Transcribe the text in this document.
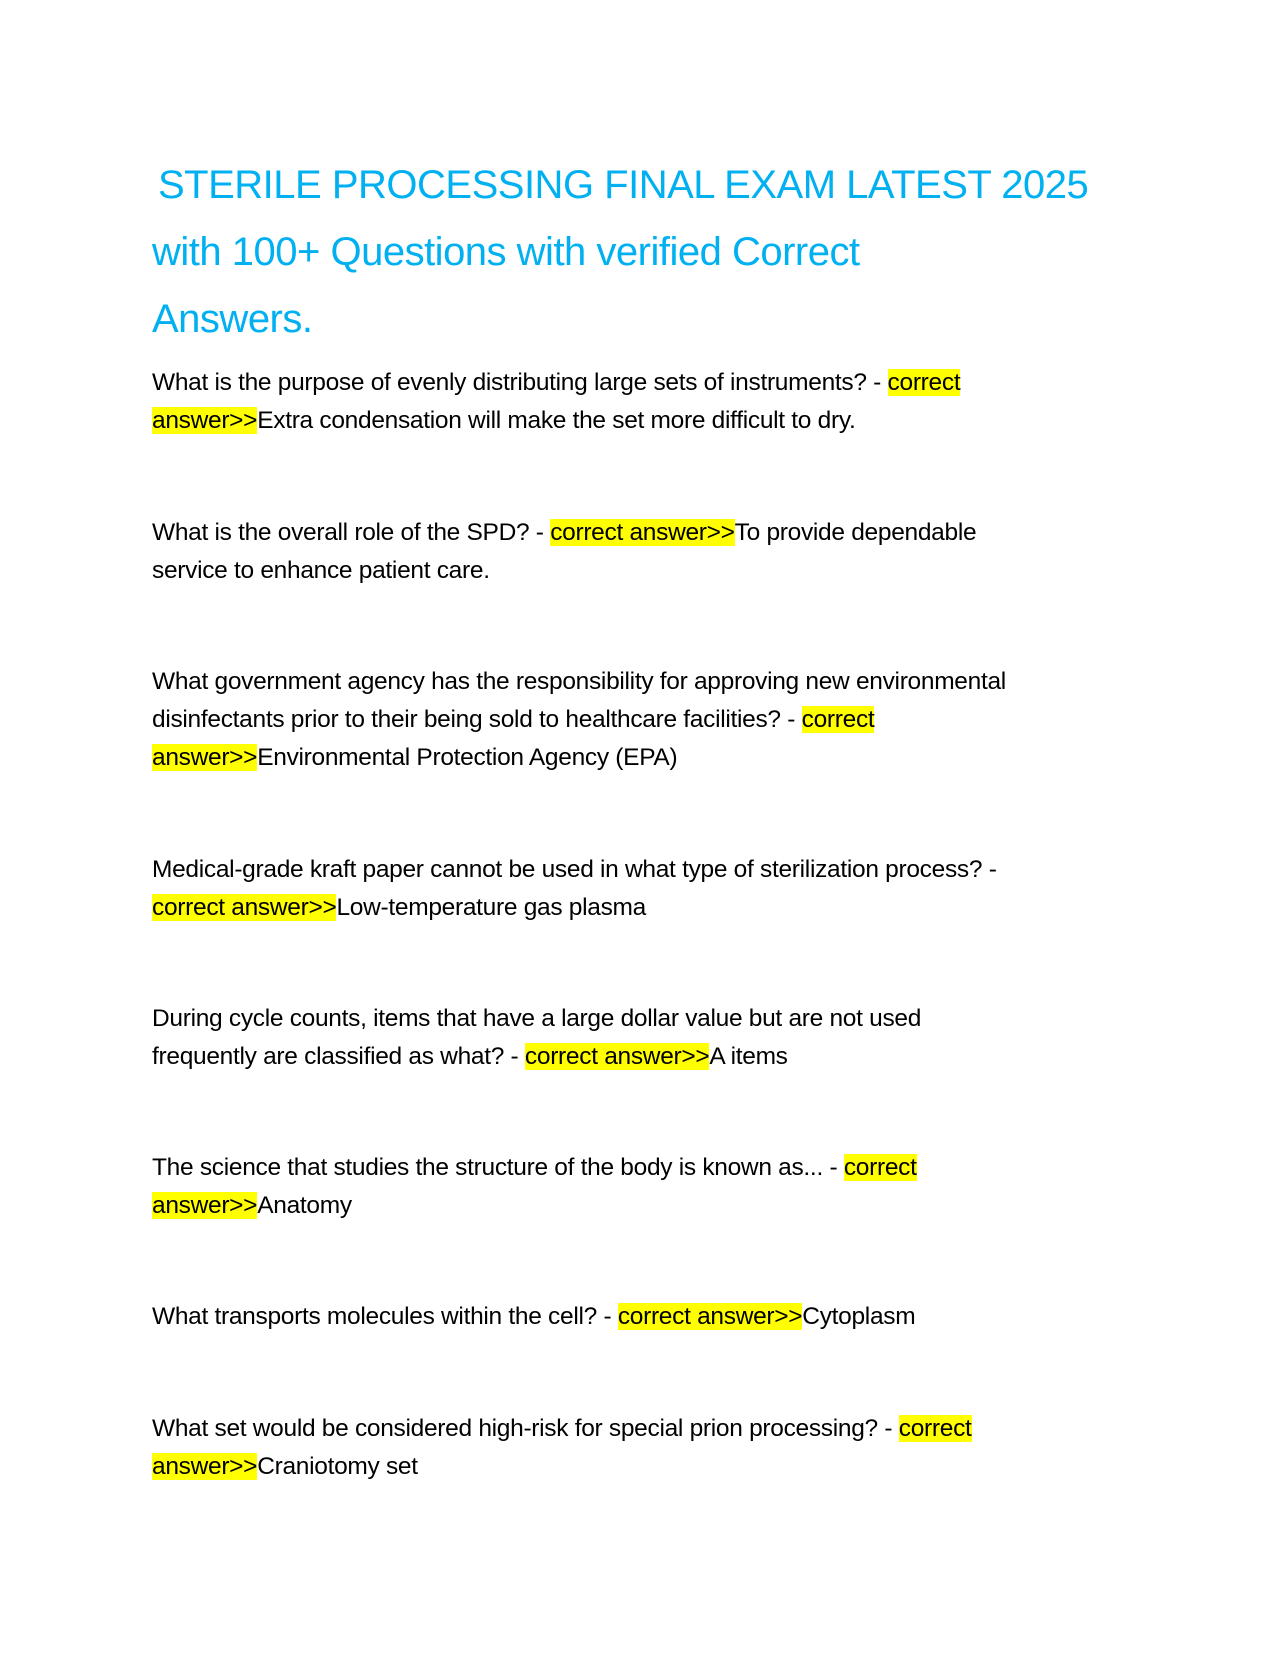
STERILE PROCESSING FINAL EXAM LATEST 2025
with 100+ Questions with verified Correct
Answers.
What is the purpose of evenly distributing large sets of instruments? - correct
answer>>Extra condensation will make the set more difficult to dry.
What is the overall role of the SPD? - correct answer>>To provide dependable
service to enhance patient care.
What government agency has the responsibility for approving new environmental
disinfectants prior to their being sold to healthcare facilities? - correct
answer>>Environmental Protection Agency (EPA)
Medical-grade kraft paper cannot be used in what type of sterilization process? -
correct answer>>Low-temperature gas plasma
During cycle counts, items that have a large dollar value but are not used
frequently are classified as what? - correct answer>>A items
The science that studies the structure of the body is known as... - correct
answer>>Anatomy
What transports molecules within the cell? - correct answer>>Cytoplasm
What set would be considered high-risk for special prion processing? - correct
answer>>Craniotomy set
